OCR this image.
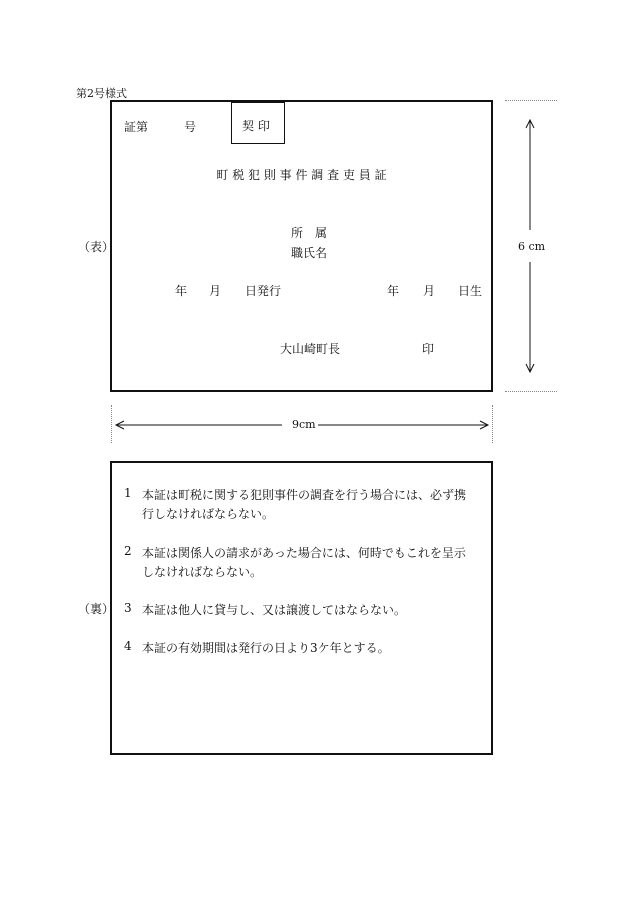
第2号様式
（表）
証第	号	契 印
町 税 犯 則 事 件 調 査 吏 員 証
所　属
職氏名
年 月 日発行	年 月 日生
大山崎町長	印
6 cm
9cm
（裏）
1 本証は町税に関する犯則事件の調査を行う場合には、必ず携
行しなければならない。
2 本証は関係人の請求があった場合には、何時でもこれを呈示
しなければならない。
3 本証は他人に貸与し、又は譲渡してはならない。
4 本証の有効期間は発行の日より3ケ年とする。
